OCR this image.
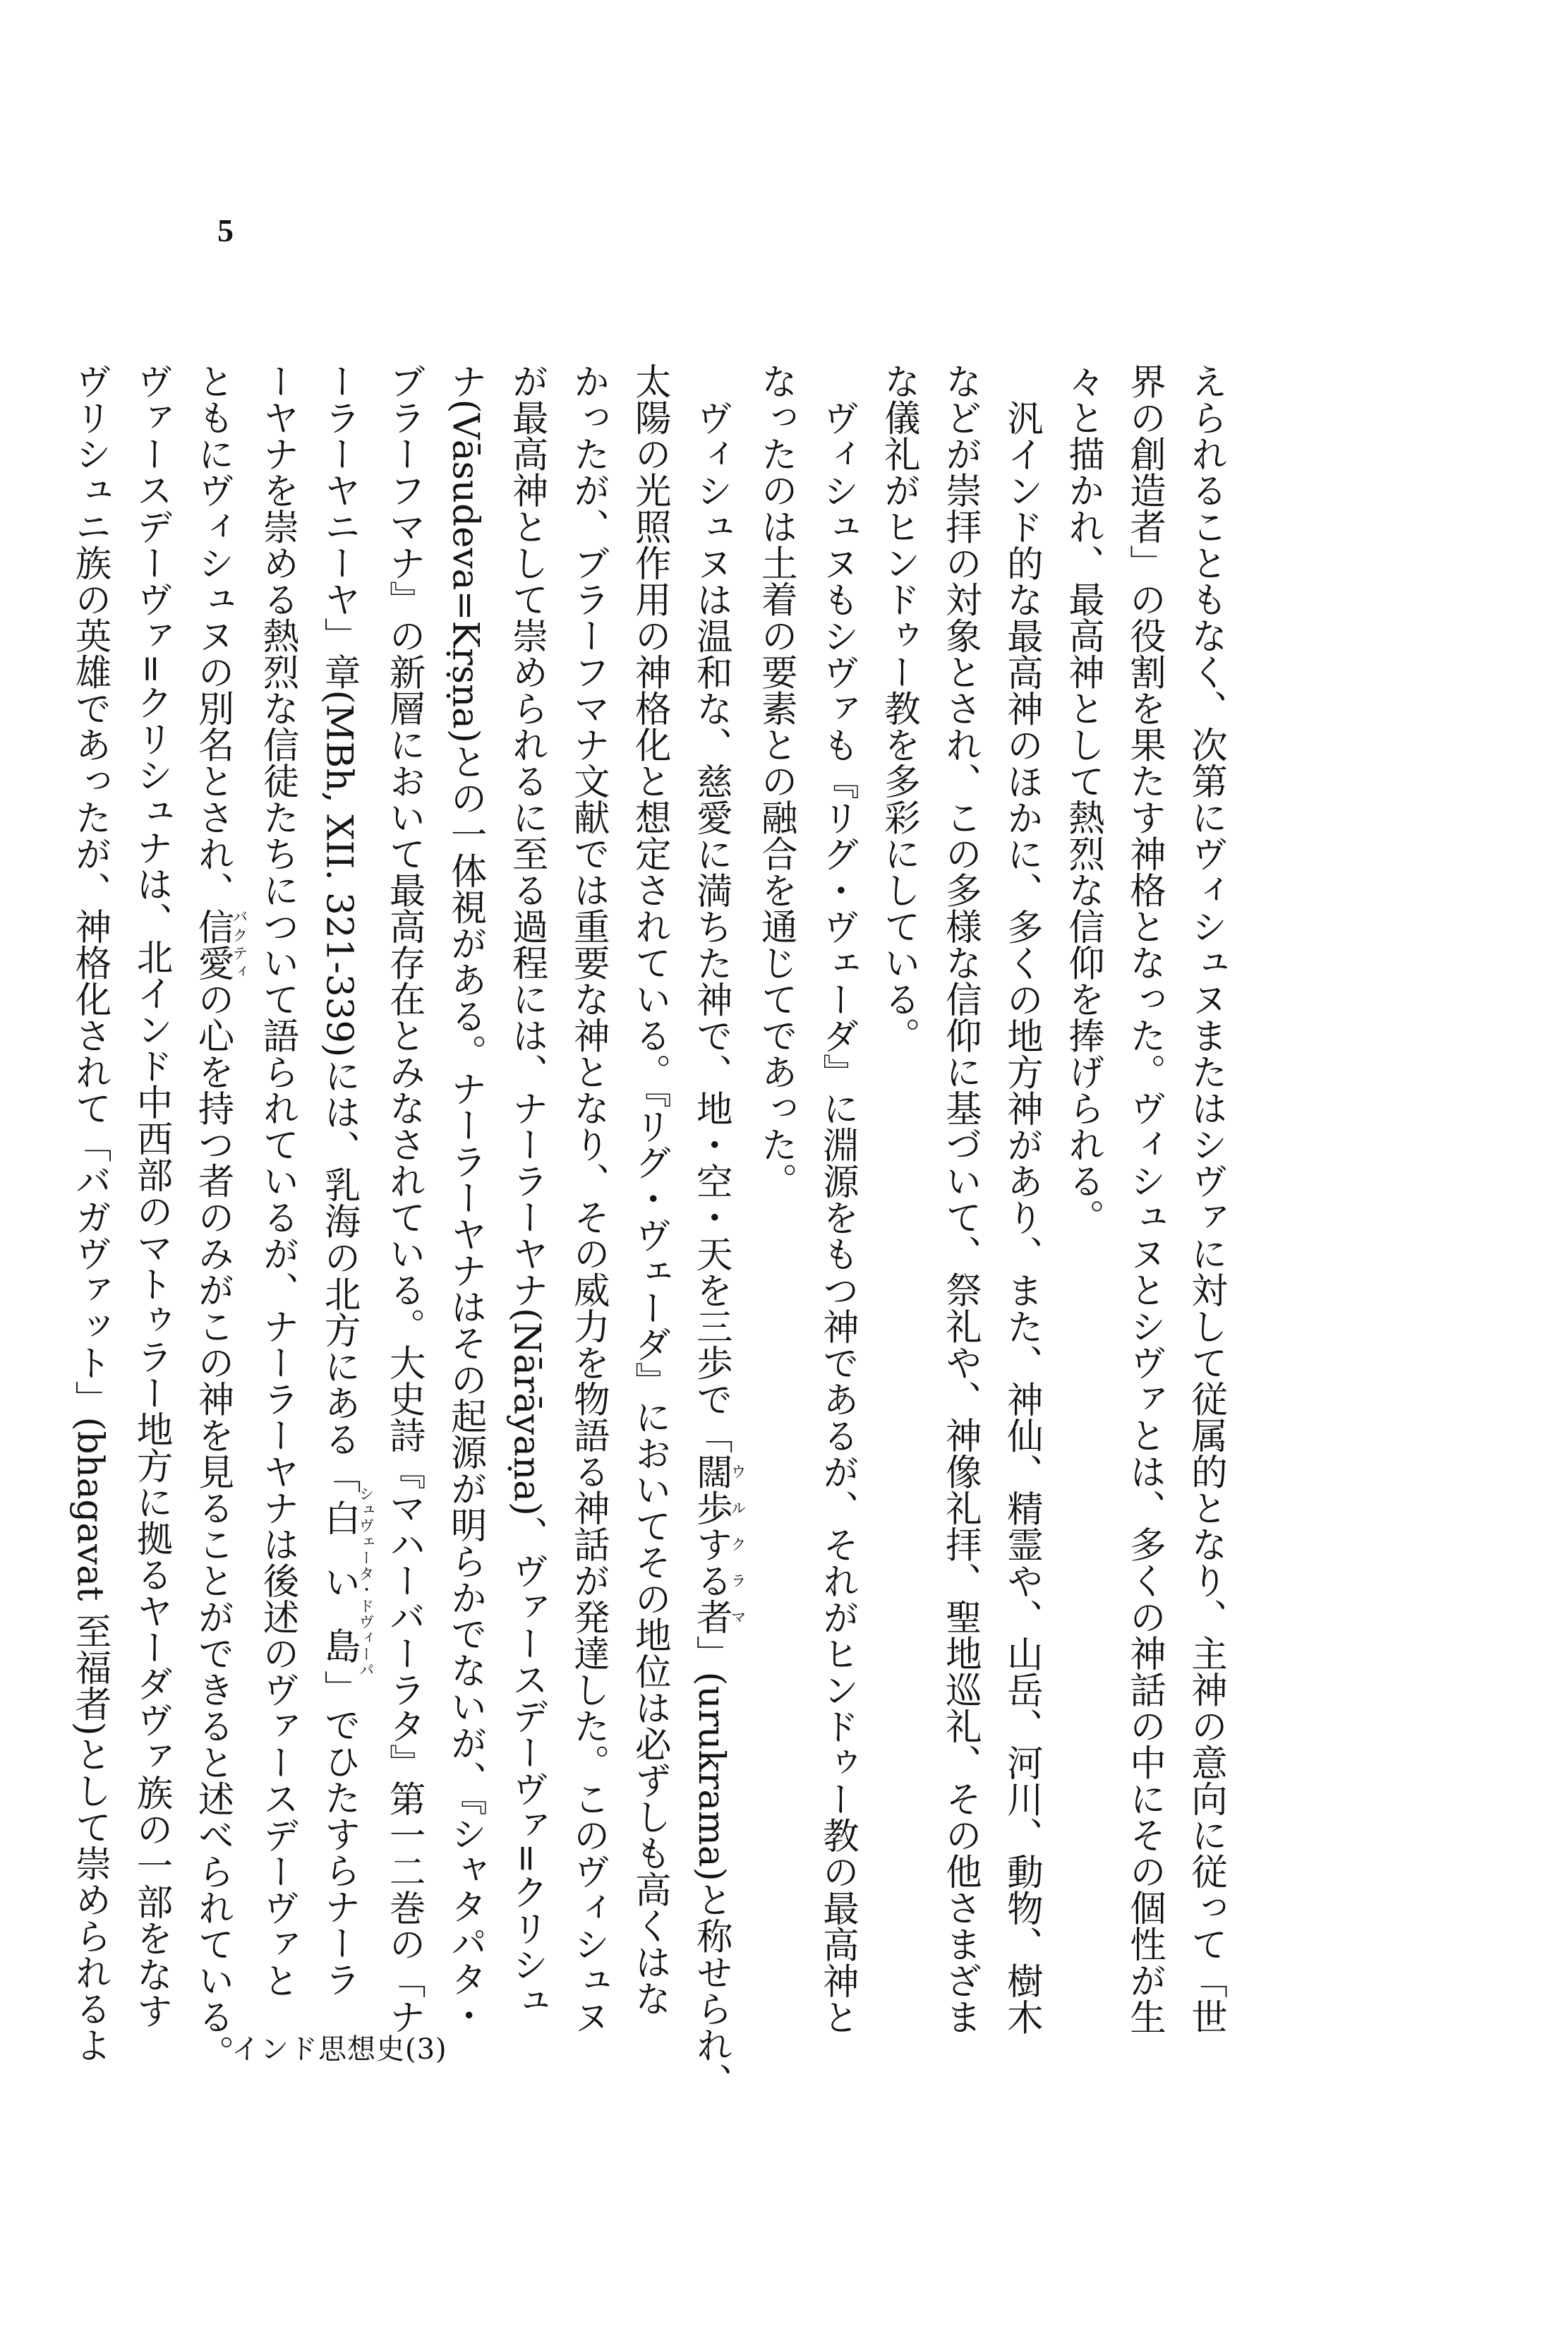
5
えられることもなく、次第にヴィシュヌまたはシヴァに対して従属的となり、主神の意向に従って「世
界の創造者」の役割を果たす神格となった。ヴィシュヌとシヴァとは、多くの神話の中にその個性が生
々と描かれ、最高神として熱烈な信仰を捧げられる。
汎インド的な最高神のほかに、多くの地方神があり、また、神仙、精霊や、山岳、河川、動物、樹木
などが崇拝の対象とされ、この多様な信仰に基づいて、祭礼や、神像礼拝、聖地巡礼、その他さまざま
な儀礼がヒンドゥー教を多彩にしている。
ヴィシュヌもシヴァも『リグ・ヴェーダ』に淵源をもつ神であるが、それがヒンドゥー教の最高神と
なったのは土着の要素との融合を通じてであった。
ヴィシュヌは温和な、慈愛に満ちた神で、地・空・天を三歩で「闊歩する者ウルクラマ」(urukrama)と称せられ、
太陽の光照作用の神格化と想定されている。『リグ・ヴェーダ』においてその地位は必ずしも高くはな
かったが、ブラーフマナ文献では重要な神となり、その威力を物語る神話が発達した。このヴィシュヌ
が最高神として崇められるに至る過程には、ナーラーヤナ(Nārāyaṇa)、ヴァースデーヴァ=クリシュ
ナ(Vāsudeva=Kṛṣṇa)との一体視がある。ナーラーヤナはその起源が明らかでないが、『シャタパタ・
ブラーフマナ』の新層において最高存在とみなされている。大史詩『マハーバーラタ』第一二巻の「ナ
ーラーヤニーヤ」章(MBh, XII. 321-339)には、乳海の北方にある「白い島シュヴェータ・ドヴィーパ」でひたすらナーラ
ーヤナを崇める熱烈な信徒たちについて語られているが、ナーラーヤナは後述のヴァースデーヴァと
ともにヴィシュヌの別名とされ、信愛バクティの心を持つ者のみがこの神を見ることができると述べられている。
ヴァースデーヴァ=クリシュナは、北インド中西部のマトゥラー地方に拠るヤーダヴァ族の一部をなす
ヴリシュニ族の英雄であったが、神格化されて「バガヴァット」(bhagavat 至福者)として崇められるよ	インド思想史(3)
